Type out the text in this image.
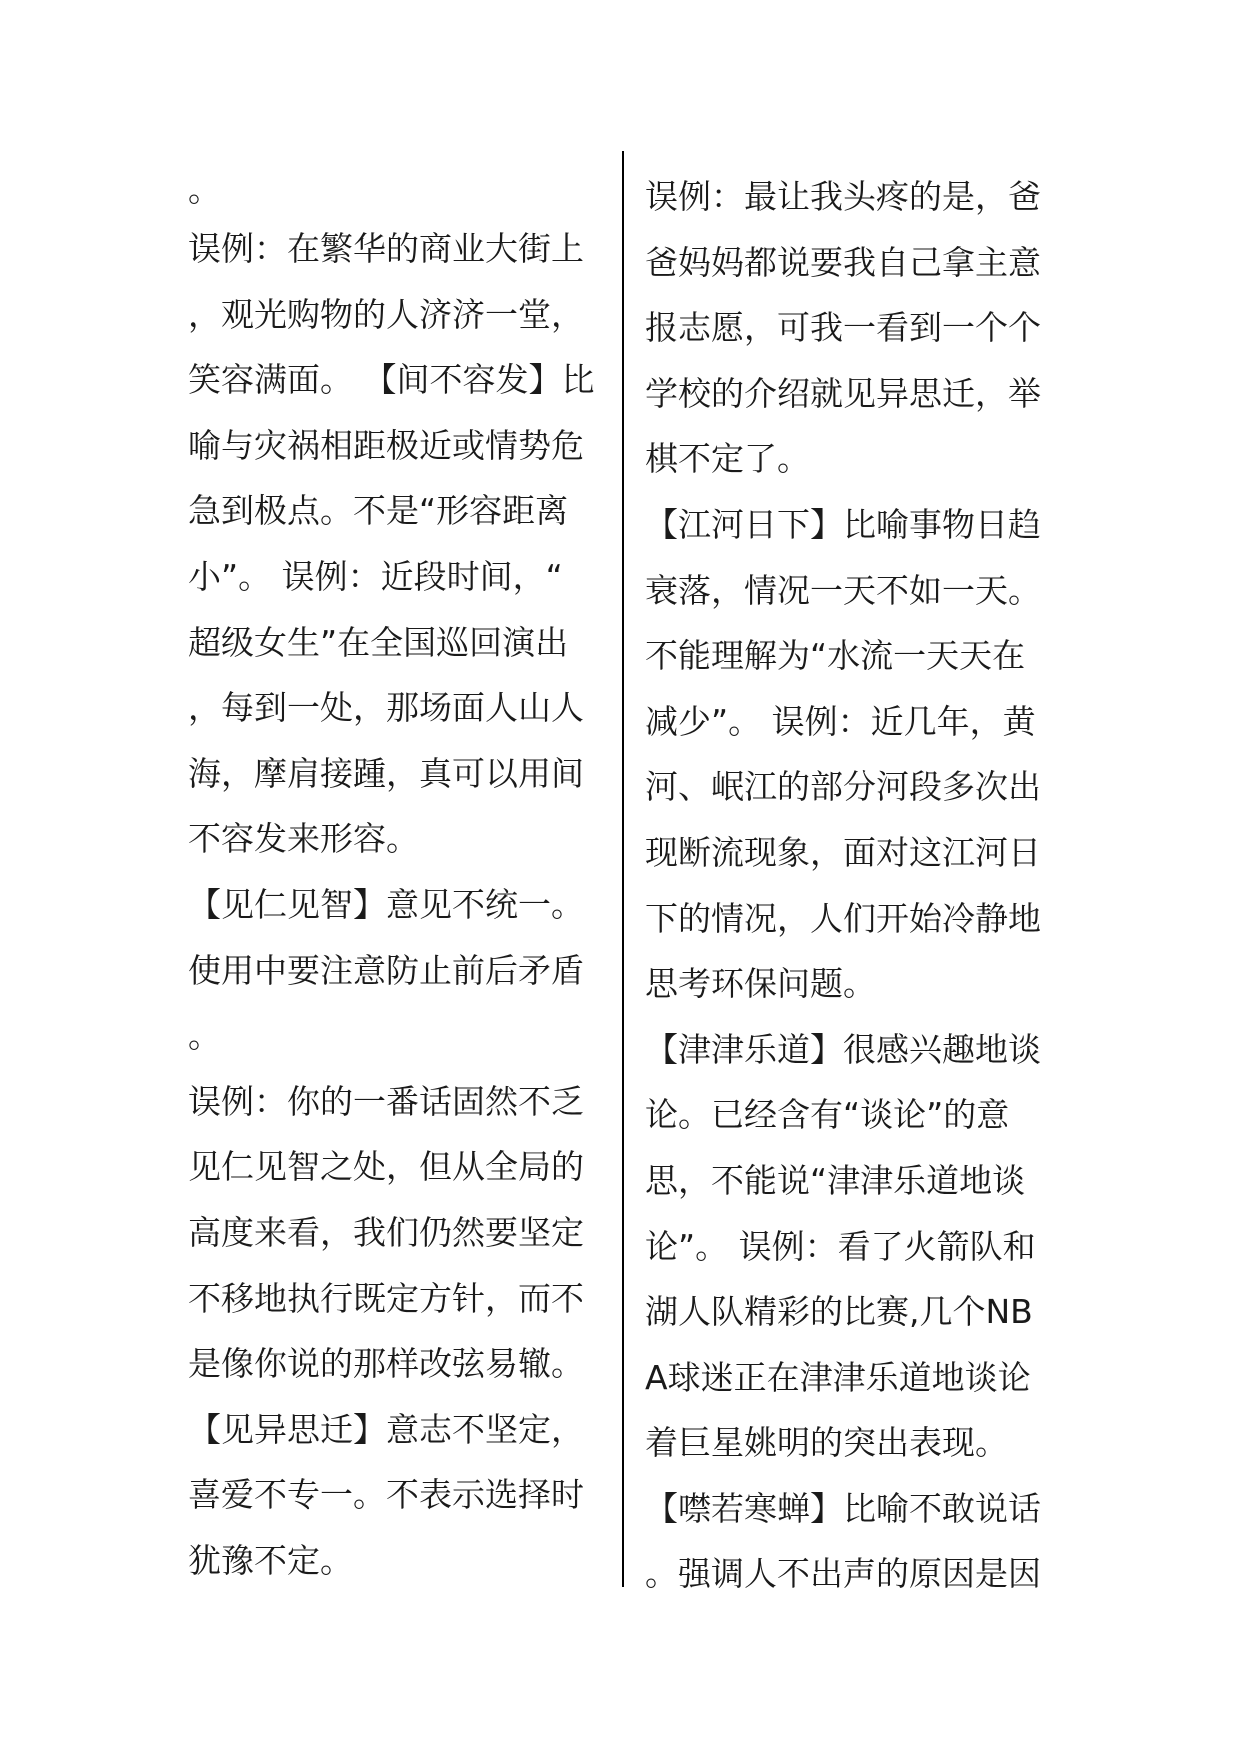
。
误例：在繁华的商业大街上
，观光购物的人济济一堂，
笑容满面。 【间不容发】比
喻与灾祸相距极近或情势危
急到极点。不是“形容距离
小”。 误例：近段时间，“
超级女生”在全国巡回演出
，每到一处，那场面人山人
海，摩肩接踵，真可以用间
不容发来形容。
【见仁见智】意见不统一。
使用中要注意防止前后矛盾
。
误例：你的一番话固然不乏
见仁见智之处，但从全局的
高度来看，我们仍然要坚定
不移地执行既定方针，而不
是像你说的那样改弦易辙。
【见异思迁】意志不坚定，
喜爱不专一。不表示选择时
犹豫不定。
误例：最让我头疼的是，爸
爸妈妈都说要我自己拿主意
报志愿，可我一看到一个个
学校的介绍就见异思迁，举
棋不定了。
【江河日下】比喻事物日趋
衰落，情况一天不如一天。
不能理解为“水流一天天在
减少”。 误例：近几年，黄
河、岷江的部分河段多次出
现断流现象，面对这江河日
下的情况，人们开始冷静地
思考环保问题。
【津津乐道】很感兴趣地谈
论。已经含有“谈论”的意
思，不能说“津津乐道地谈
论”。 误例：看了火箭队和
湖人队精彩的比赛,几个NB
A球迷正在津津乐道地谈论
着巨星姚明的突出表现。
【噤若寒蝉】比喻不敢说话
。强调人不出声的原因是因
